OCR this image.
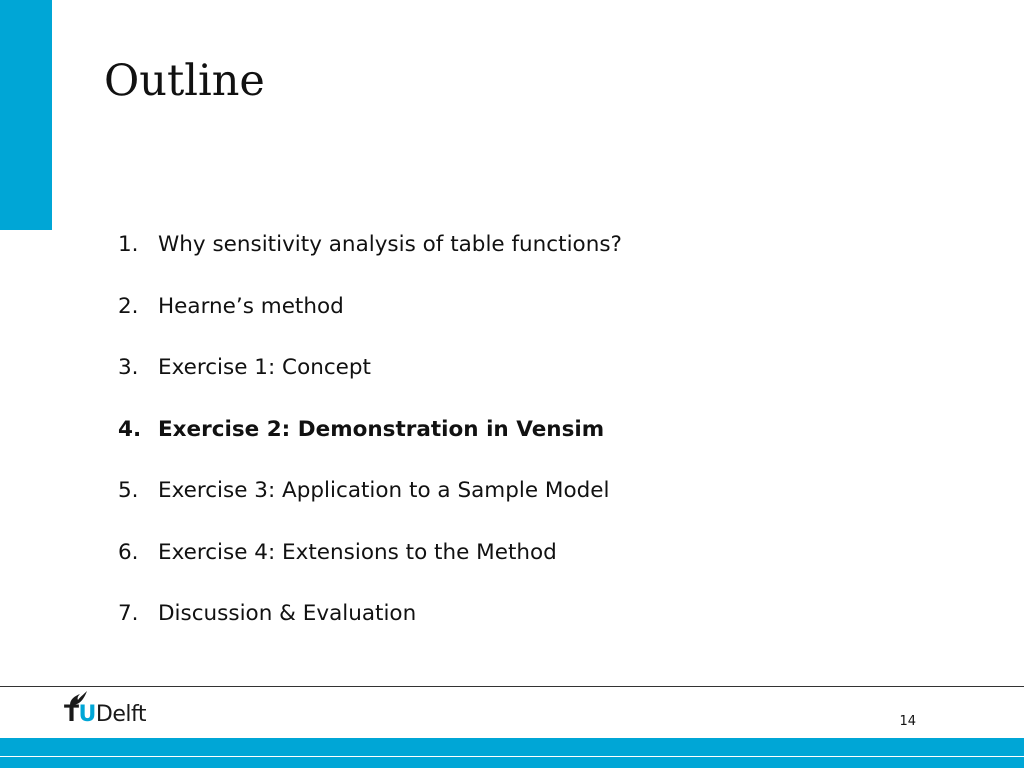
Outline
1. Why sensitivity analysis of table functions?
2. Hearne’s method
3. Exercise 1: Concept
4. Exercise 2: Demonstration in Vensim
5. Exercise 3: Application to a Sample Model
6. Exercise 4: Extensions to the Method
7. Discussion & Evaluation
TUDelft	14
